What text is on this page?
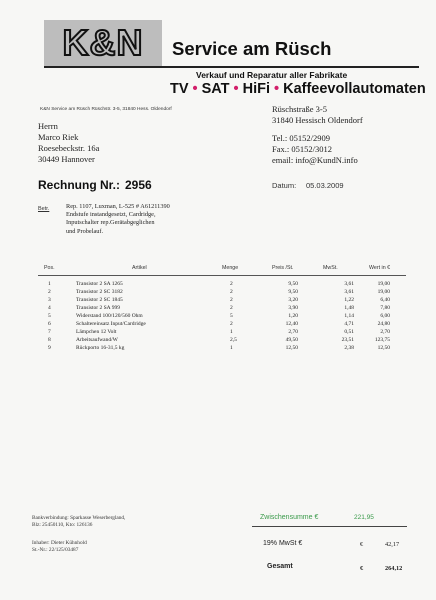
K&N Service am Rüsch
Verkauf und Reparatur aller Fabrikate
TV • SAT • HiFi • Kaffeevollautomaten
K&N Service am Rüsch Rüschstr. 3-5, 31840 Hess. Oldendorf
Herrn
Marco Riek
Roesebeckstr. 16a
30449 Hannover
Rüschstraße 3-5
31840 Hessisch Oldendorf
Tel.: 05152/2909
Fax.: 05152/3012
email: info@KundN.info
Rechnung Nr.: 2956	Datum: 05.03.2009
Betr.	Rep. 1107, Luxman, L-525 # A61211390
Endstufe instandgesetzt, Cardridge,
Inputschalter rep.Gerätabgeglichen
und Probelauf.
Pos.	Artikel	Menge	Preis /St.	MwSt.	Wert in €
1	Transistor 2 SA 1265	2	9,50	3,61	19,00
2	Transistor 2 SC 3182	2	9,50	3,61	19,00
3	Transistor 2 SC 1845	2	3,20	1,22	6,40
4	Transistor 2 SA 999	2	3,90	1,48	7,80
5	Widerstand 100/120/560 Ohm	5	1,20	1,14	6,00
6	Schaltereinsatz Input/Cardridge	2	12,40	4,71	24,80
7	Lämpchen 12 Volt	1	2,70	0,51	2,70
8	Arbeitsaufwand/W	2,5	49,50	23,51	123,75
9	Rückporto 16-31,5 kg	1	12,50	2,38	12,50
Zwischensumme €	221,95
19% MwSt €	€	42,17
Gesamt	€	264,12
Bankverbindung: Sparkasse Weserbergland,
Blz: 25450110, Kto: 126136
Inhaber: Dieter Kühnhold
St.-Nr.: 22/125/03487
